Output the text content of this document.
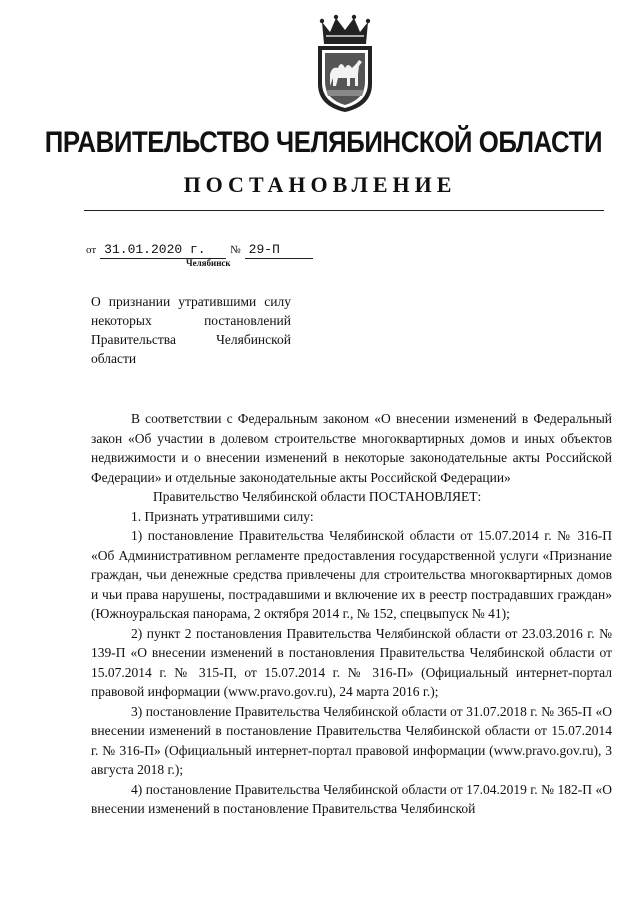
ПРАВИТЕЛЬСТВО ЧЕЛЯБИНСКОЙ ОБЛАСТИ
ПОСТАНОВЛЕНИЕ
от 31.01.2020 г. № 29-П
Челябинск
О признании утратившими силу некоторых постановлений Правительства Челябинской области

В соответствии с Федеральным законом «О внесении изменений в Федеральный закон «Об участии в долевом строительстве многоквартирных домов и иных объектов недвижимости и о внесении изменений в некоторые законодательные акты Российской Федерации» и отдельные законодательные акты Российской Федерации»

Правительство Челябинской области ПОСТАНОВЛЯЕТ:

1. Признать утратившими силу:

1) постановление Правительства Челябинской области от 15.07.2014 г. № 316-П «Об Административном регламенте предоставления государственной услуги «Признание граждан, чьи денежные средства привлечены для строительства многоквартирных домов и чьи права нарушены, пострадавшими и включение их в реестр пострадавших граждан» (Южноуральская панорама, 2 октября 2014 г., № 152, спецвыпуск № 41);

2) пункт 2 постановления Правительства Челябинской области от 23.03.2016 г. № 139-П «О внесении изменений в постановления Правительства Челябинской области от 15.07.2014 г. № 315-П, от 15.07.2014 г. № 316-П» (Официальный интернет-портал правовой информации (www.pravo.gov.ru), 24 марта 2016 г.);

3) постановление Правительства Челябинской области от 31.07.2018 г. № 365-П «О внесении изменений в постановление Правительства Челябинской области от 15.07.2014 г. № 316-П» (Официальный интернет-портал правовой информации (www.pravo.gov.ru), 3 августа 2018 г.);

4) постановление Правительства Челябинской области от 17.04.2019 г. № 182-П «О внесении изменений в постановление Правительства Челябинской
